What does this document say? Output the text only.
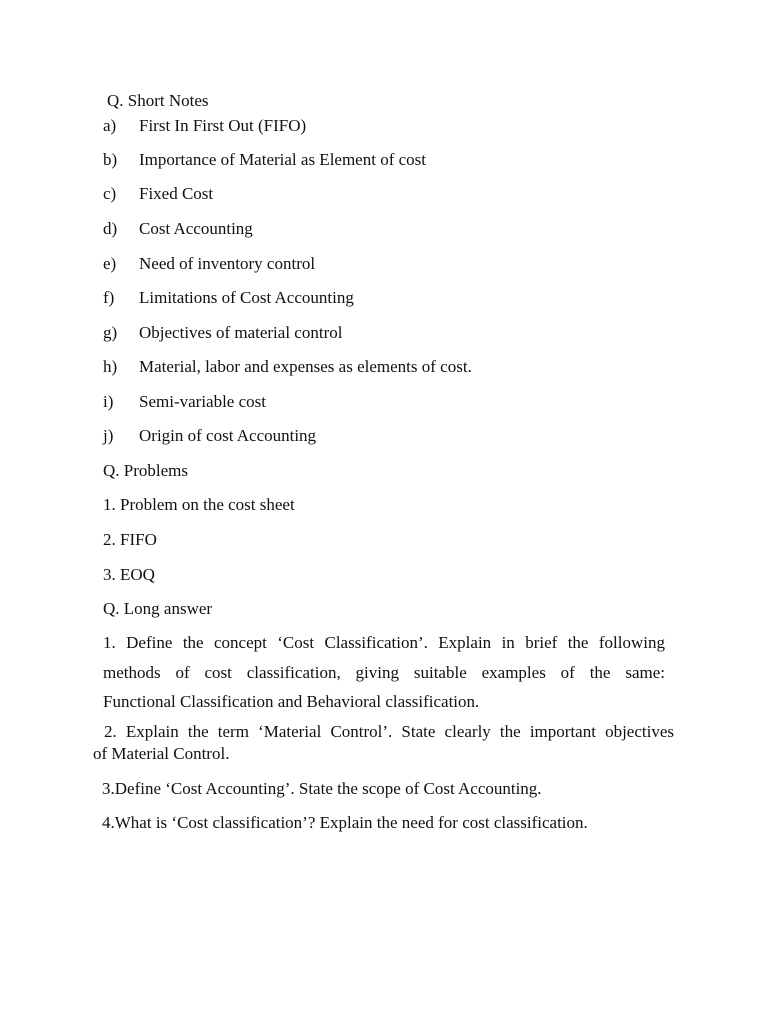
Q. Short Notes
a) First In First Out (FIFO)
b) Importance of Material as Element of cost
c) Fixed Cost
d) Cost Accounting
e) Need of inventory control
f) Limitations of Cost Accounting
g) Objectives of material control
h) Material, labor and expenses as elements of cost.
i) Semi-variable cost
j) Origin of cost Accounting
Q. Problems
1. Problem on the cost sheet
2. FIFO
3. EOQ
Q. Long answer
1. Define the concept ‘Cost Classification’. Explain in brief the following
methods of cost classification, giving suitable examples of the same:
Functional Classification and Behavioral classification.
2. Explain the term ‘Material Control’. State clearly the important objectives
of Material Control.
3.Define ‘Cost Accounting’. State the scope of Cost Accounting.
4.What is ‘Cost classification’? Explain the need for cost classification.
